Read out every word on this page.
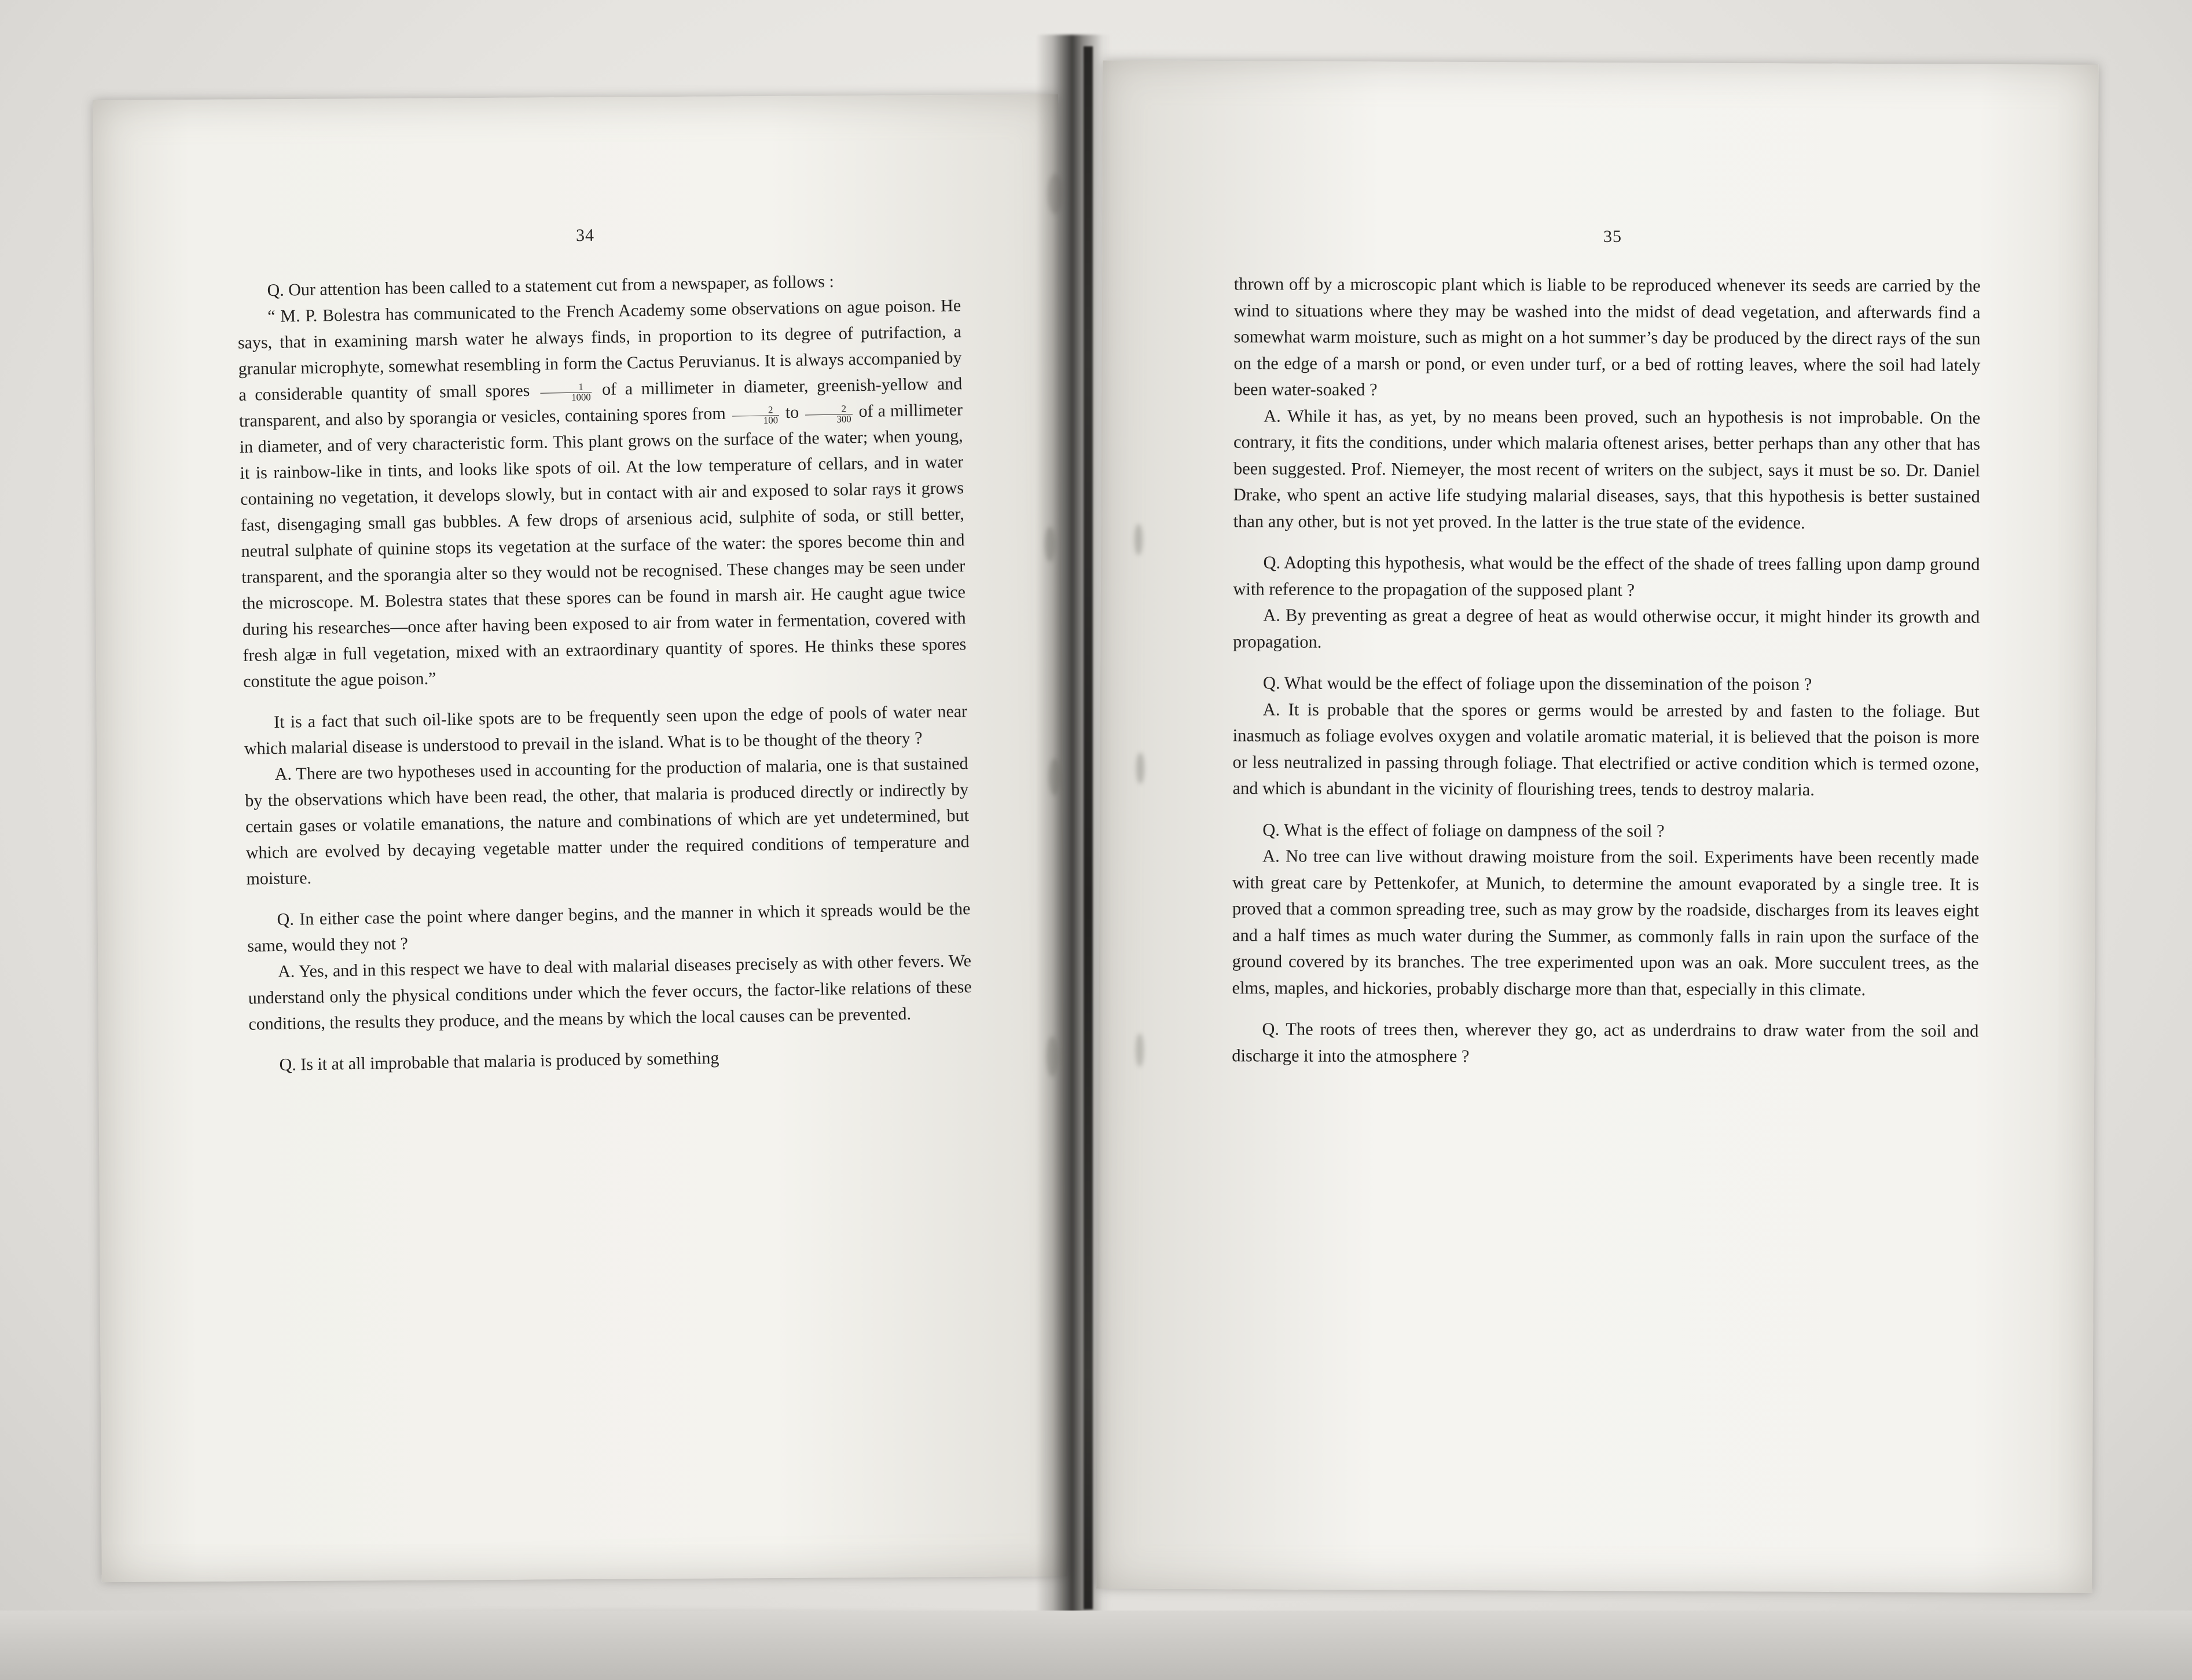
34	35

Q. Our attention has been called to a statement cut from a newspaper, as follows :

“ M. P. Bolestra has communicated to the French Academy some observations on ague poison. He says, that in examining marsh water he always finds, in proportion to its degree of putrifaction, a granular microphyte, somewhat resembling in form the Cactus Peruvianus. It is always accompanied by a considerable quantity of small spores $\frac{1}{1000}$ of a millimeter in diameter, greenish-yellow and transparent, and also by sporangia or vesicles, containing spores from $\frac{2}{100}$ to $\frac{2}{300}$ of a millimeter in diameter, and of very characteristic form. This plant grows on the surface of the water; when young, it is rainbow-like in tints, and looks like spots of oil. At the low temperature of cellars, and in water containing no vegetation, it develops slowly, but in contact with air and exposed to solar rays it grows fast, disengaging small gas bubbles. A few drops of arsenious acid, sulphite of soda, or still better, neutral sulphate of quinine stops its vegetation at the surface of the water: the spores become thin and transparent, and the sporangia alter so they would not be recognised. These changes may be seen under the microscope. M. Bolestra states that these spores can be found in marsh air. He caught ague twice during his researches—once after having been exposed to air from water in fermentation, covered with fresh algæ in full vegetation, mixed with an extraordinary quantity of spores. He thinks these spores constitute the ague poison.”

It is a fact that such oil-like spots are to be frequently seen upon the edge of pools of water near which malarial disease is understood to prevail in the island. What is to be thought of the theory ?

A. There are two hypotheses used in accounting for the production of malaria, one is that sustained by the observations which have been read, the other, that malaria is produced directly or indirectly by certain gases or volatile emanations, the nature and combinations of which are yet undetermined, but which are evolved by decaying vegetable matter under the required conditions of temperature and moisture.

Q. In either case the point where danger begins, and the manner in which it spreads would be the same, would they not ?

A. Yes, and in this respect we have to deal with malarial diseases precisely as with other fevers. We understand only the physical conditions under which the fever occurs, the factor-like relations of these conditions, the results they produce, and the means by which the local causes can be prevented.

Q. Is it at all improbable that malaria is produced by something

thrown off by a microscopic plant which is liable to be reproduced whenever its seeds are carried by the wind to situations where they may be washed into the midst of dead vegetation, and afterwards find a somewhat warm moisture, such as might on a hot summer’s day be produced by the direct rays of the sun on the edge of a marsh or pond, or even under turf, or a bed of rotting leaves, where the soil had lately been water-soaked ?

A. While it has, as yet, by no means been proved, such an hypothesis is not improbable. On the contrary, it fits the conditions, under which malaria oftenest arises, better perhaps than any other that has been suggested. Prof. Niemeyer, the most recent of writers on the subject, says it must be so. Dr. Daniel Drake, who spent an active life studying malarial diseases, says, that this hypothesis is better sustained than any other, but is not yet proved. In the latter is the true state of the evidence.

Q. Adopting this hypothesis, what would be the effect of the shade of trees falling upon damp ground with reference to the propagation of the supposed plant ?

A. By preventing as great a degree of heat as would otherwise occur, it might hinder its growth and propagation.

Q. What would be the effect of foliage upon the dissemination of the poison ?

A. It is probable that the spores or germs would be arrested by and fasten to the foliage. But inasmuch as foliage evolves oxygen and volatile aromatic material, it is believed that the poison is more or less neutralized in passing through foliage. That electrified or active condition which is termed ozone, and which is abundant in the vicinity of flourishing trees, tends to destroy malaria.

Q. What is the effect of foliage on dampness of the soil ?

A. No tree can live without drawing moisture from the soil. Experiments have been recently made with great care by Pettenkofer, at Munich, to determine the amount evaporated by a single tree. It is proved that a common spreading tree, such as may grow by the roadside, discharges from its leaves eight and a half times as much water during the Summer, as commonly falls in rain upon the surface of the ground covered by its branches. The tree experimented upon was an oak. More succulent trees, as the elms, maples, and hickories, probably discharge more than that, especially in this climate.

Q. The roots of trees then, wherever they go, act as underdrains to draw water from the soil and discharge it into the atmosphere ?
